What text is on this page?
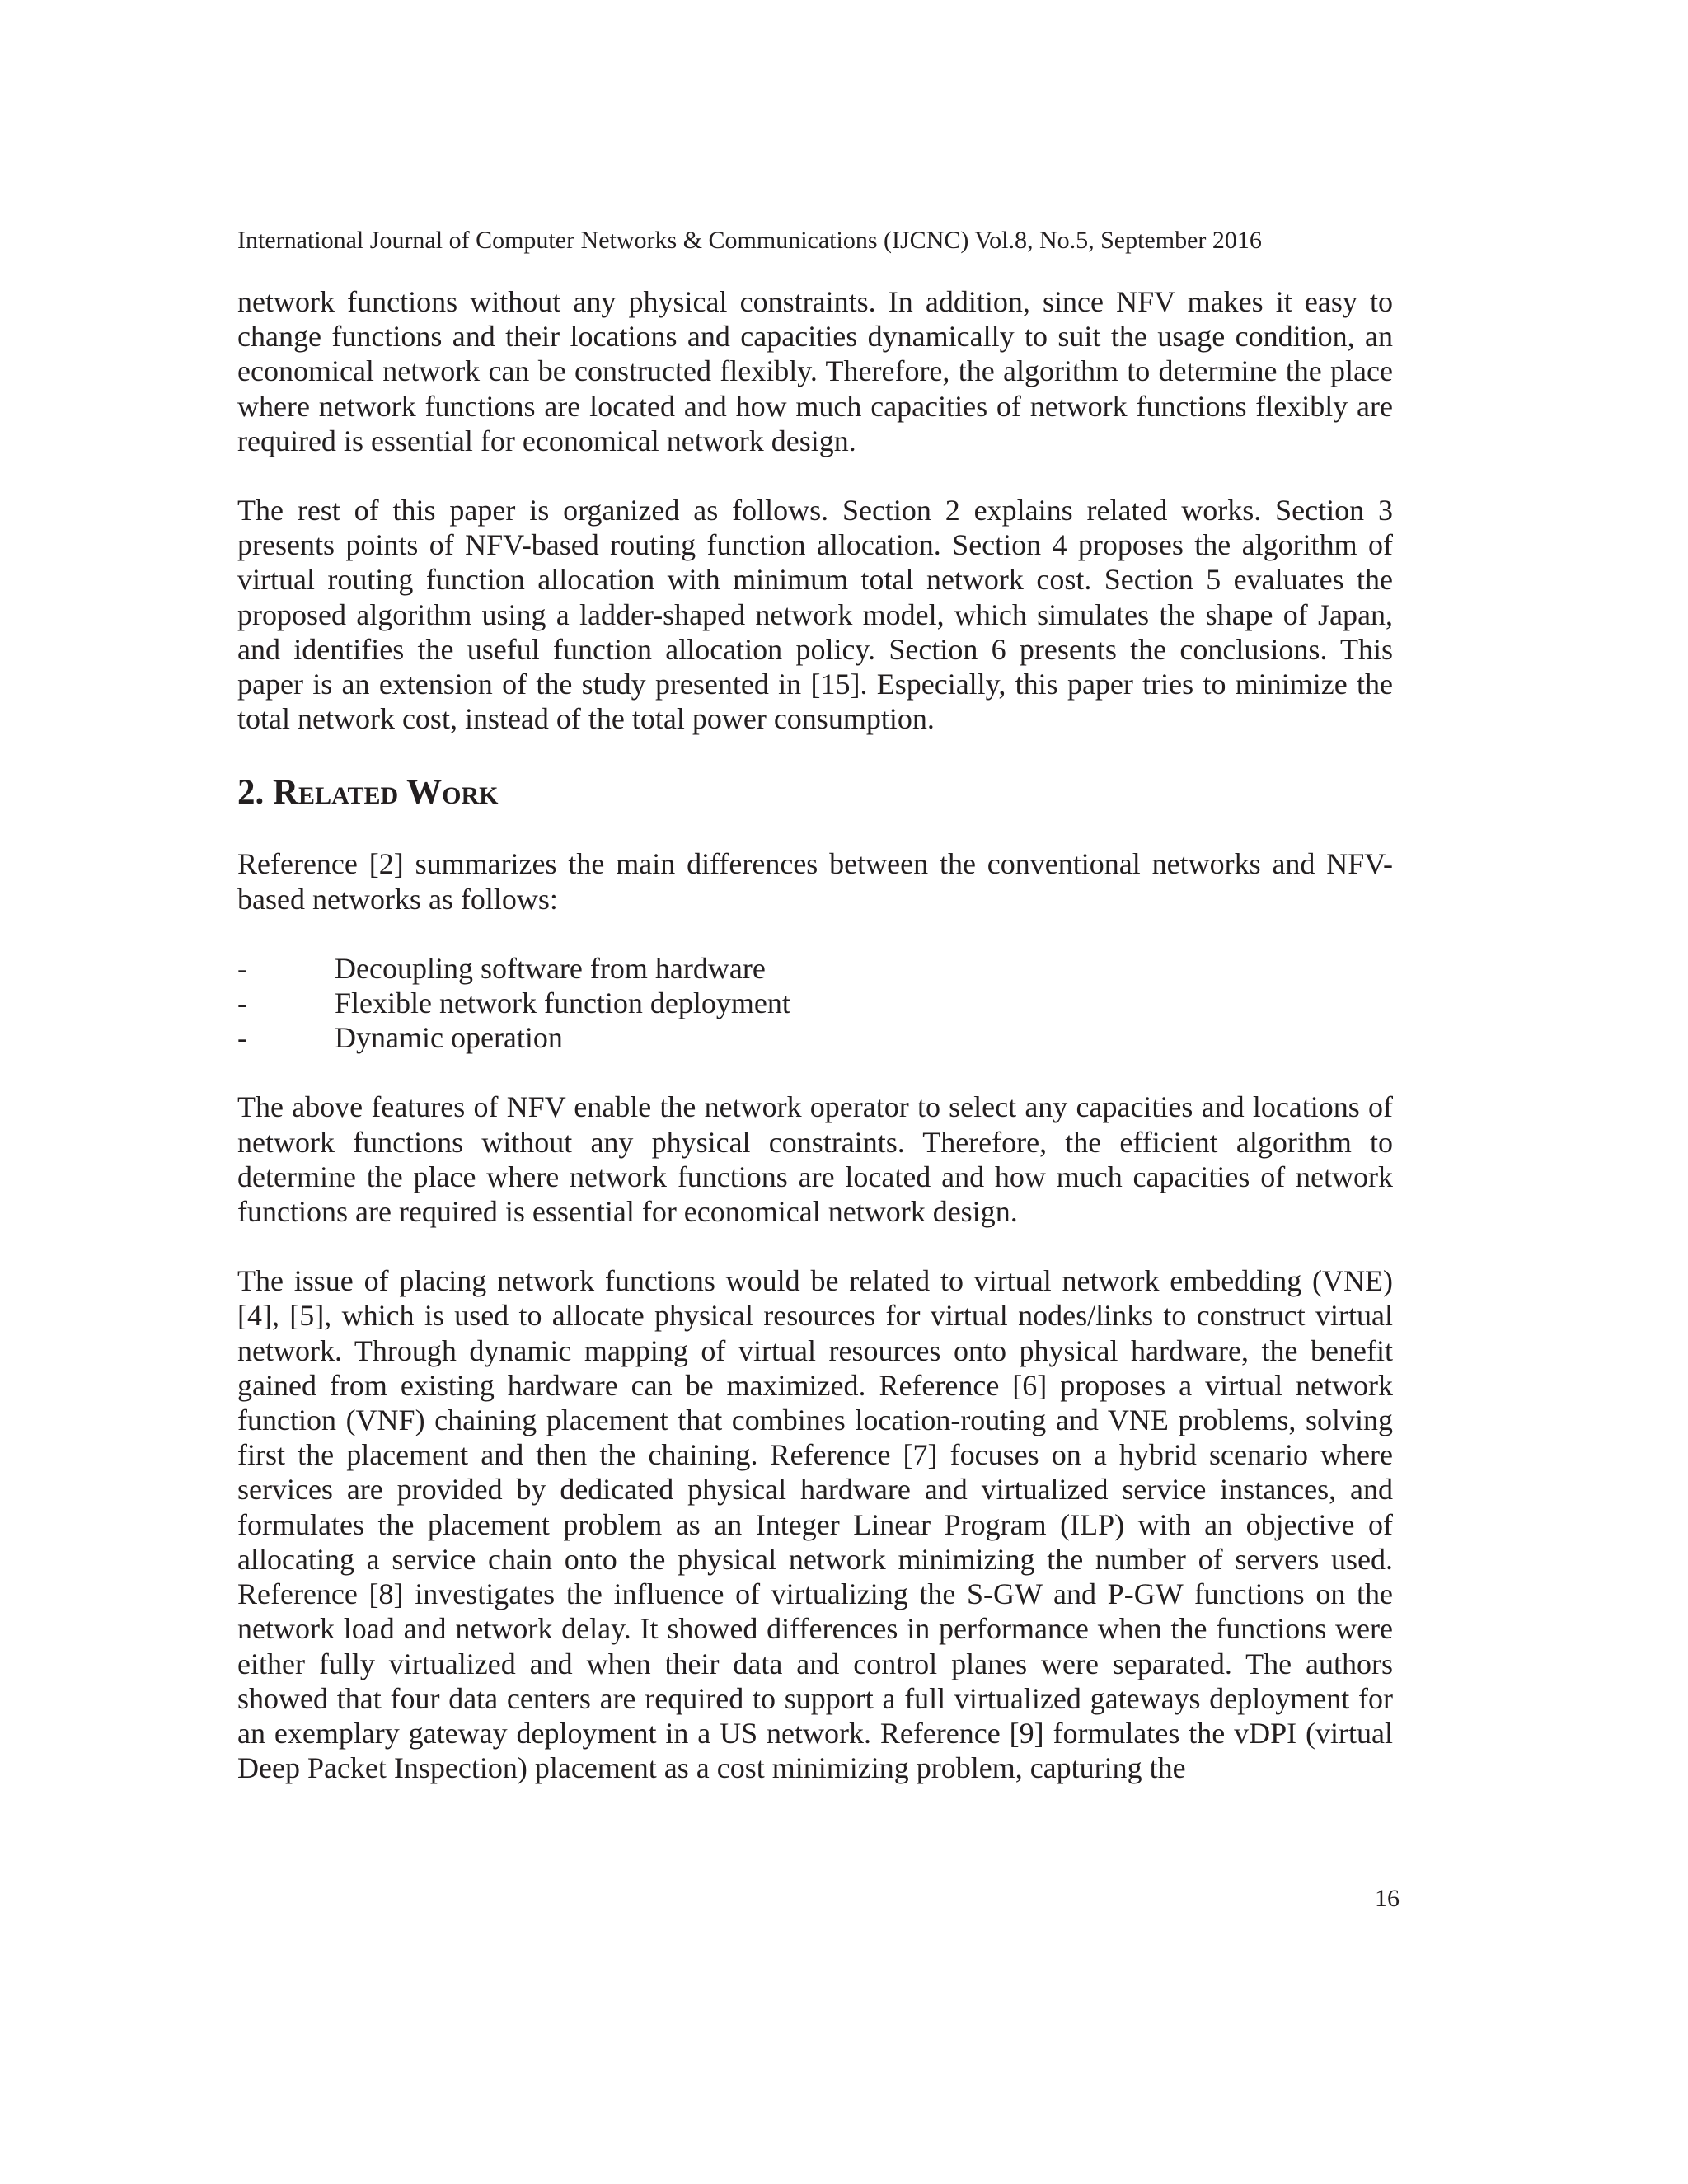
International Journal of Computer Networks & Communications (IJCNC) Vol.8, No.5, September 2016

network functions without any physical constraints. In addition, since NFV makes it easy to change functions and their locations and capacities dynamically to suit the usage condition, an economical network can be constructed flexibly. Therefore, the algorithm to determine the place where network functions are located and how much capacities of network functions flexibly are required is essential for economical network design.

The rest of this paper is organized as follows. Section 2 explains related works. Section 3 presents points of NFV-based routing function allocation. Section 4 proposes the algorithm of virtual routing function allocation with minimum total network cost. Section 5 evaluates the proposed algorithm using a ladder-shaped network model, which simulates the shape of Japan, and identifies the useful function allocation policy. Section 6 presents the conclusions. This paper is an extension of the study presented in [15]. Especially, this paper tries to minimize the total network cost, instead of the total power consumption.

2. Related Work

Reference [2] summarizes the main differences between the conventional networks and NFV-based networks as follows:

-	Decoupling software from hardware
-	Flexible network function deployment
-	Dynamic operation

The above features of NFV enable the network operator to select any capacities and locations of network functions without any physical constraints. Therefore, the efficient algorithm to determine the place where network functions are located and how much capacities of network functions are required is essential for economical network design.

The issue of placing network functions would be related to virtual network embedding (VNE) [4], [5], which is used to allocate physical resources for virtual nodes/links to construct virtual network. Through dynamic mapping of virtual resources onto physical hardware, the benefit gained from existing hardware can be maximized. Reference [6] proposes a virtual network function (VNF) chaining placement that combines location-routing and VNE problems, solving first the placement and then the chaining. Reference [7] focuses on a hybrid scenario where services are provided by dedicated physical hardware and virtualized service instances, and formulates the placement problem as an Integer Linear Program (ILP) with an objective of allocating a service chain onto the physical network minimizing the number of servers used. Reference [8] investigates the influence of virtualizing the S-GW and P-GW functions on the network load and network delay. It showed differences in performance when the functions were either fully virtualized and when their data and control planes were separated. The authors showed that four data centers are required to support a full virtualized gateways deployment for an exemplary gateway deployment in a US network. Reference [9] formulates the vDPI (virtual Deep Packet Inspection) placement as a cost minimizing problem, capturing the

16
